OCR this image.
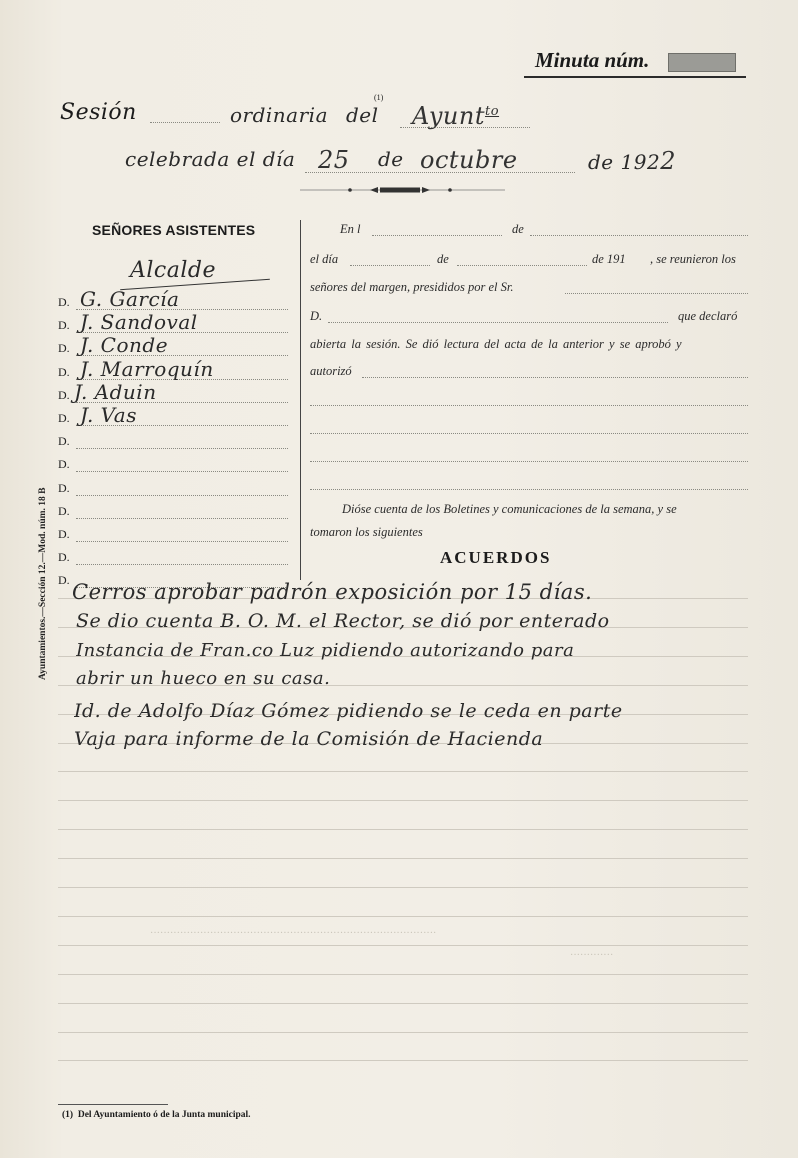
Minuta núm.
Sesión	ordinaria del
(1)
Ayunt$^{to}$
celebrada el día 25 de octubre	de 1922
SEÑORES ASISTENTES
Alcalde
D. G. García
D. J. Sandoval
D. J. Conde
D. J. Marroquín
D. J. Aduin
D. J. Vas
D.
D.
D.
D.
D.
D.
D.
Ayuntamientos.—Sección 12.—Mod. núm. 18 B
En l	de
el día	de	de 191 , se reunieron los
señores del margen, presididos por el Sr.
D.	que declaró
abierta la sesión. Se dió lectura del acta de la anterior y se aprobó y
autorizó
Dióse cuenta de los Boletines y comunicaciones de la semana, y se
tomaron los siguientes
ACUERDOS
······················································································
·············
Cerros aprobar padrón exposición por 15 días.
Se dio cuenta B. O. M. el Rector, se dió por enterado
Instancia de Fran.co Luz pidiendo autorizando para
abrir un hueco en su casa.
Id. de Adolfo Díaz Gómez pidiendo se le ceda en parte
Vaja para informe de la Comisión de Hacienda
(1)  Del Ayuntamiento ó de la Junta municipal.
